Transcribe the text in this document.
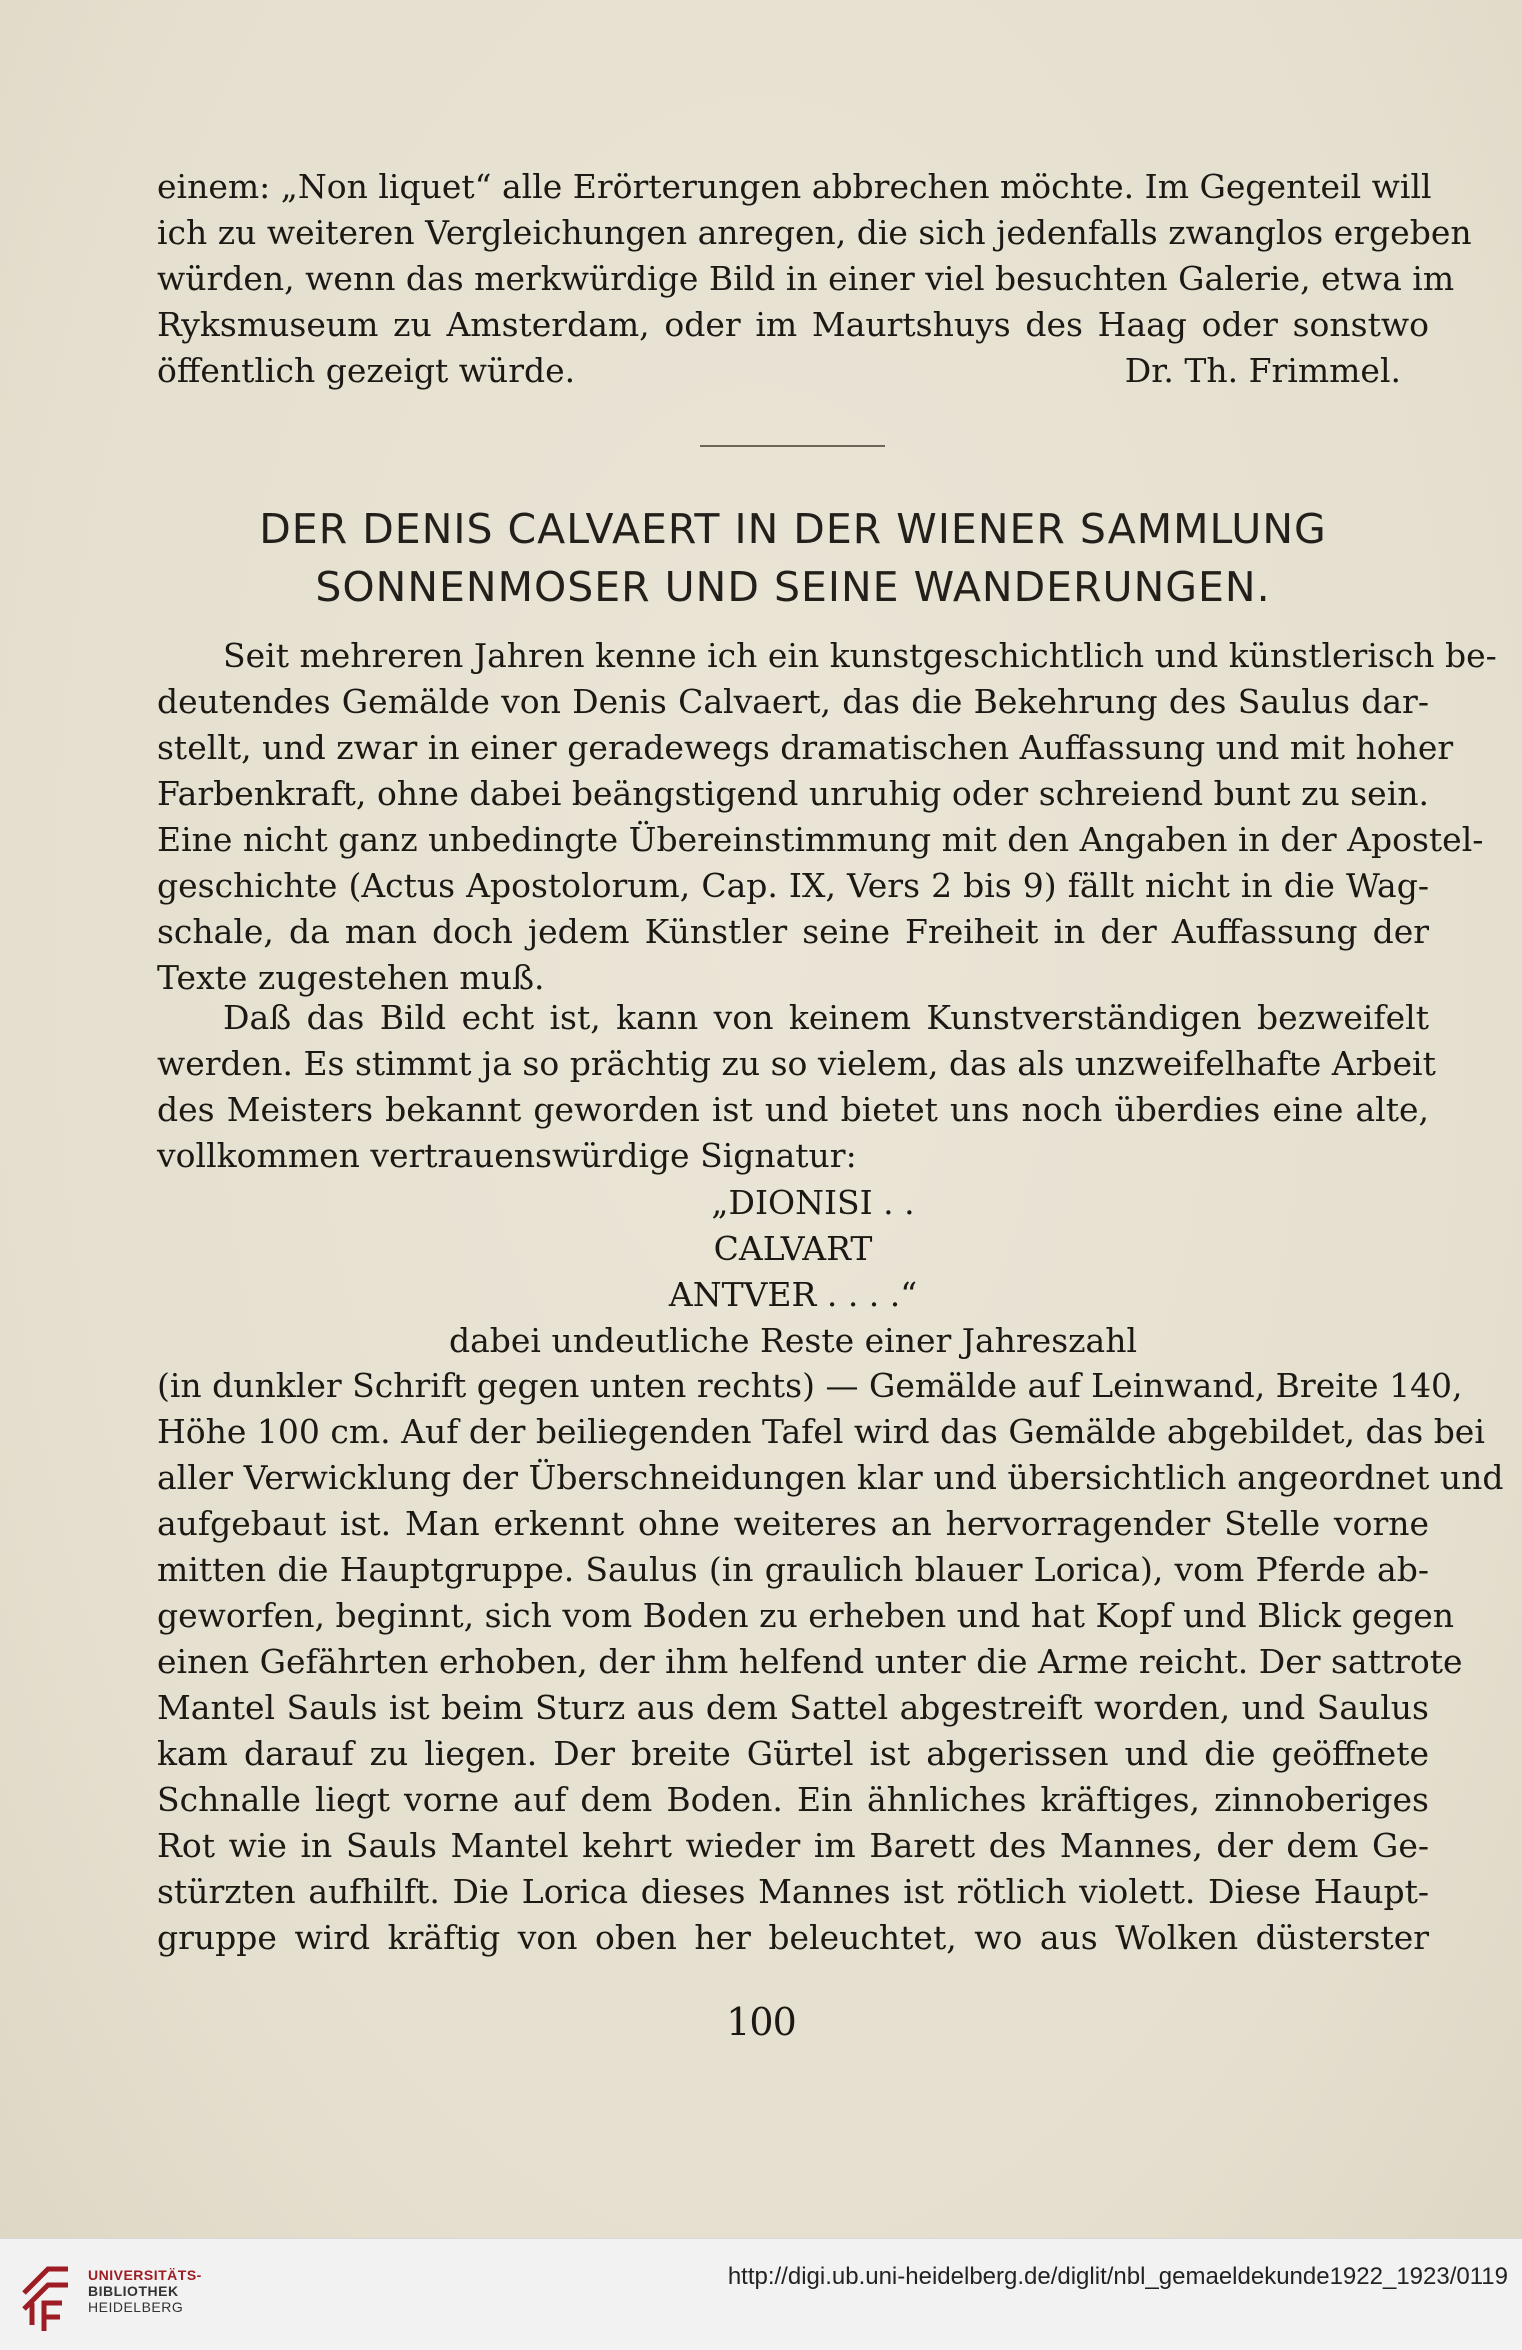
einem: „Non liquet“ alle Erörterungen abbrechen möchte. Im Gegenteil will
ich zu weiteren Vergleichungen anregen, die sich jedenfalls zwanglos ergeben
würden, wenn das merkwürdige Bild in einer viel besuchten Galerie, etwa im
Ryksmuseum zu Amsterdam, oder im Maurtshuys des Haag oder sonstwo
öffentlich gezeigt würde.	Dr. Th. Frimmel.
DER DENIS CALVAERT IN DER WIENER SAMMLUNG
SONNENMOSER UND SEINE WANDERUNGEN.
Seit mehreren Jahren kenne ich ein kunstgeschichtlich und künstlerisch be-
deutendes Gemälde von Denis Calvaert, das die Bekehrung des Saulus dar-
stellt, und zwar in einer geradewegs dramatischen Auffassung und mit hoher
Farbenkraft, ohne dabei beängstigend unruhig oder schreiend bunt zu sein.
Eine nicht ganz unbedingte Übereinstimmung mit den Angaben in der Apostel-
geschichte (Actus Apostolorum, Cap. IX, Vers 2 bis 9) fällt nicht in die Wag-
schale, da man doch jedem Künstler seine Freiheit in der Auffassung der
Texte zugestehen muß.
Daß das Bild echt ist, kann von keinem Kunstverständigen bezweifelt
werden. Es stimmt ja so prächtig zu so vielem, das als unzweifelhafte Arbeit
des Meisters bekannt geworden ist und bietet uns noch überdies eine alte,
vollkommen vertrauenswürdige Signatur:
„DIONISI . .
CALVART
ANTVER . . . .“
dabei undeutliche Reste einer Jahreszahl
(in dunkler Schrift gegen unten rechts) — Gemälde auf Leinwand, Breite 140,
Höhe 100 cm. Auf der beiliegenden Tafel wird das Gemälde abgebildet, das bei
aller Verwicklung der Überschneidungen klar und übersichtlich angeordnet und
aufgebaut ist. Man erkennt ohne weiteres an hervorragender Stelle vorne
mitten die Hauptgruppe. Saulus (in graulich blauer Lorica), vom Pferde ab-
geworfen, beginnt, sich vom Boden zu erheben und hat Kopf und Blick gegen
einen Gefährten erhoben, der ihm helfend unter die Arme reicht. Der sattrote
Mantel Sauls ist beim Sturz aus dem Sattel abgestreift worden, und Saulus
kam darauf zu liegen. Der breite Gürtel ist abgerissen und die geöffnete
Schnalle liegt vorne auf dem Boden. Ein ähnliches kräftiges, zinnoberiges
Rot wie in Sauls Mantel kehrt wieder im Barett des Mannes, der dem Ge-
stürzten aufhilft. Die Lorica dieses Mannes ist rötlich violett. Diese Haupt-
gruppe wird kräftig von oben her beleuchtet, wo aus Wolken düsterster
100
UNIVERSITÄTS-
BIBLIOTHEK
HEIDELBERG
http://digi.ub.uni-heidelberg.de/diglit/nbl_gemaeldekunde1922_1923/0119
